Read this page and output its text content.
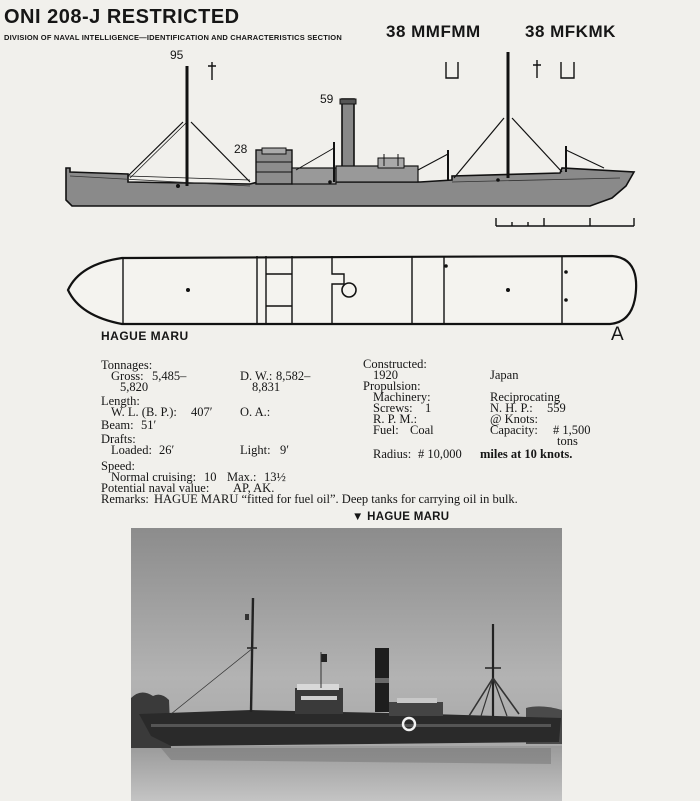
ONI 208-J RESTRICTED
DIVISION OF NAVAL INTELLIGENCE—IDENTIFICATION AND CHARACTERISTICS SECTION	38 MMFMM	38 MFKMK
95
59
28
HAGUE MARU	A
Tonnages:
Gross: 5,485–
5,820
D. W.: 8,582–
8,831
Length:
W. L. (B. P.): 407′ O. A.:
Beam: 51′
Drafts:
Loaded: 26′	Light: 9′
Speed:
Normal cruising: 10 Max.: 13½
Potential naval value: AP, AK.
Remarks: HAGUE MARU “fitted for fuel oil”. Deep tanks for carrying oil in bulk.
Constructed:
1920	Japan
Propulsion:
Machinery:	Reciprocating
Screws: 1	N. H. P.: 559
R. P. M.:	@ Knots:
Fuel: Coal	Capacity: # 1,500
tons
Radius: # 10,000 miles at 10 knots.
▼ HAGUE MARU
